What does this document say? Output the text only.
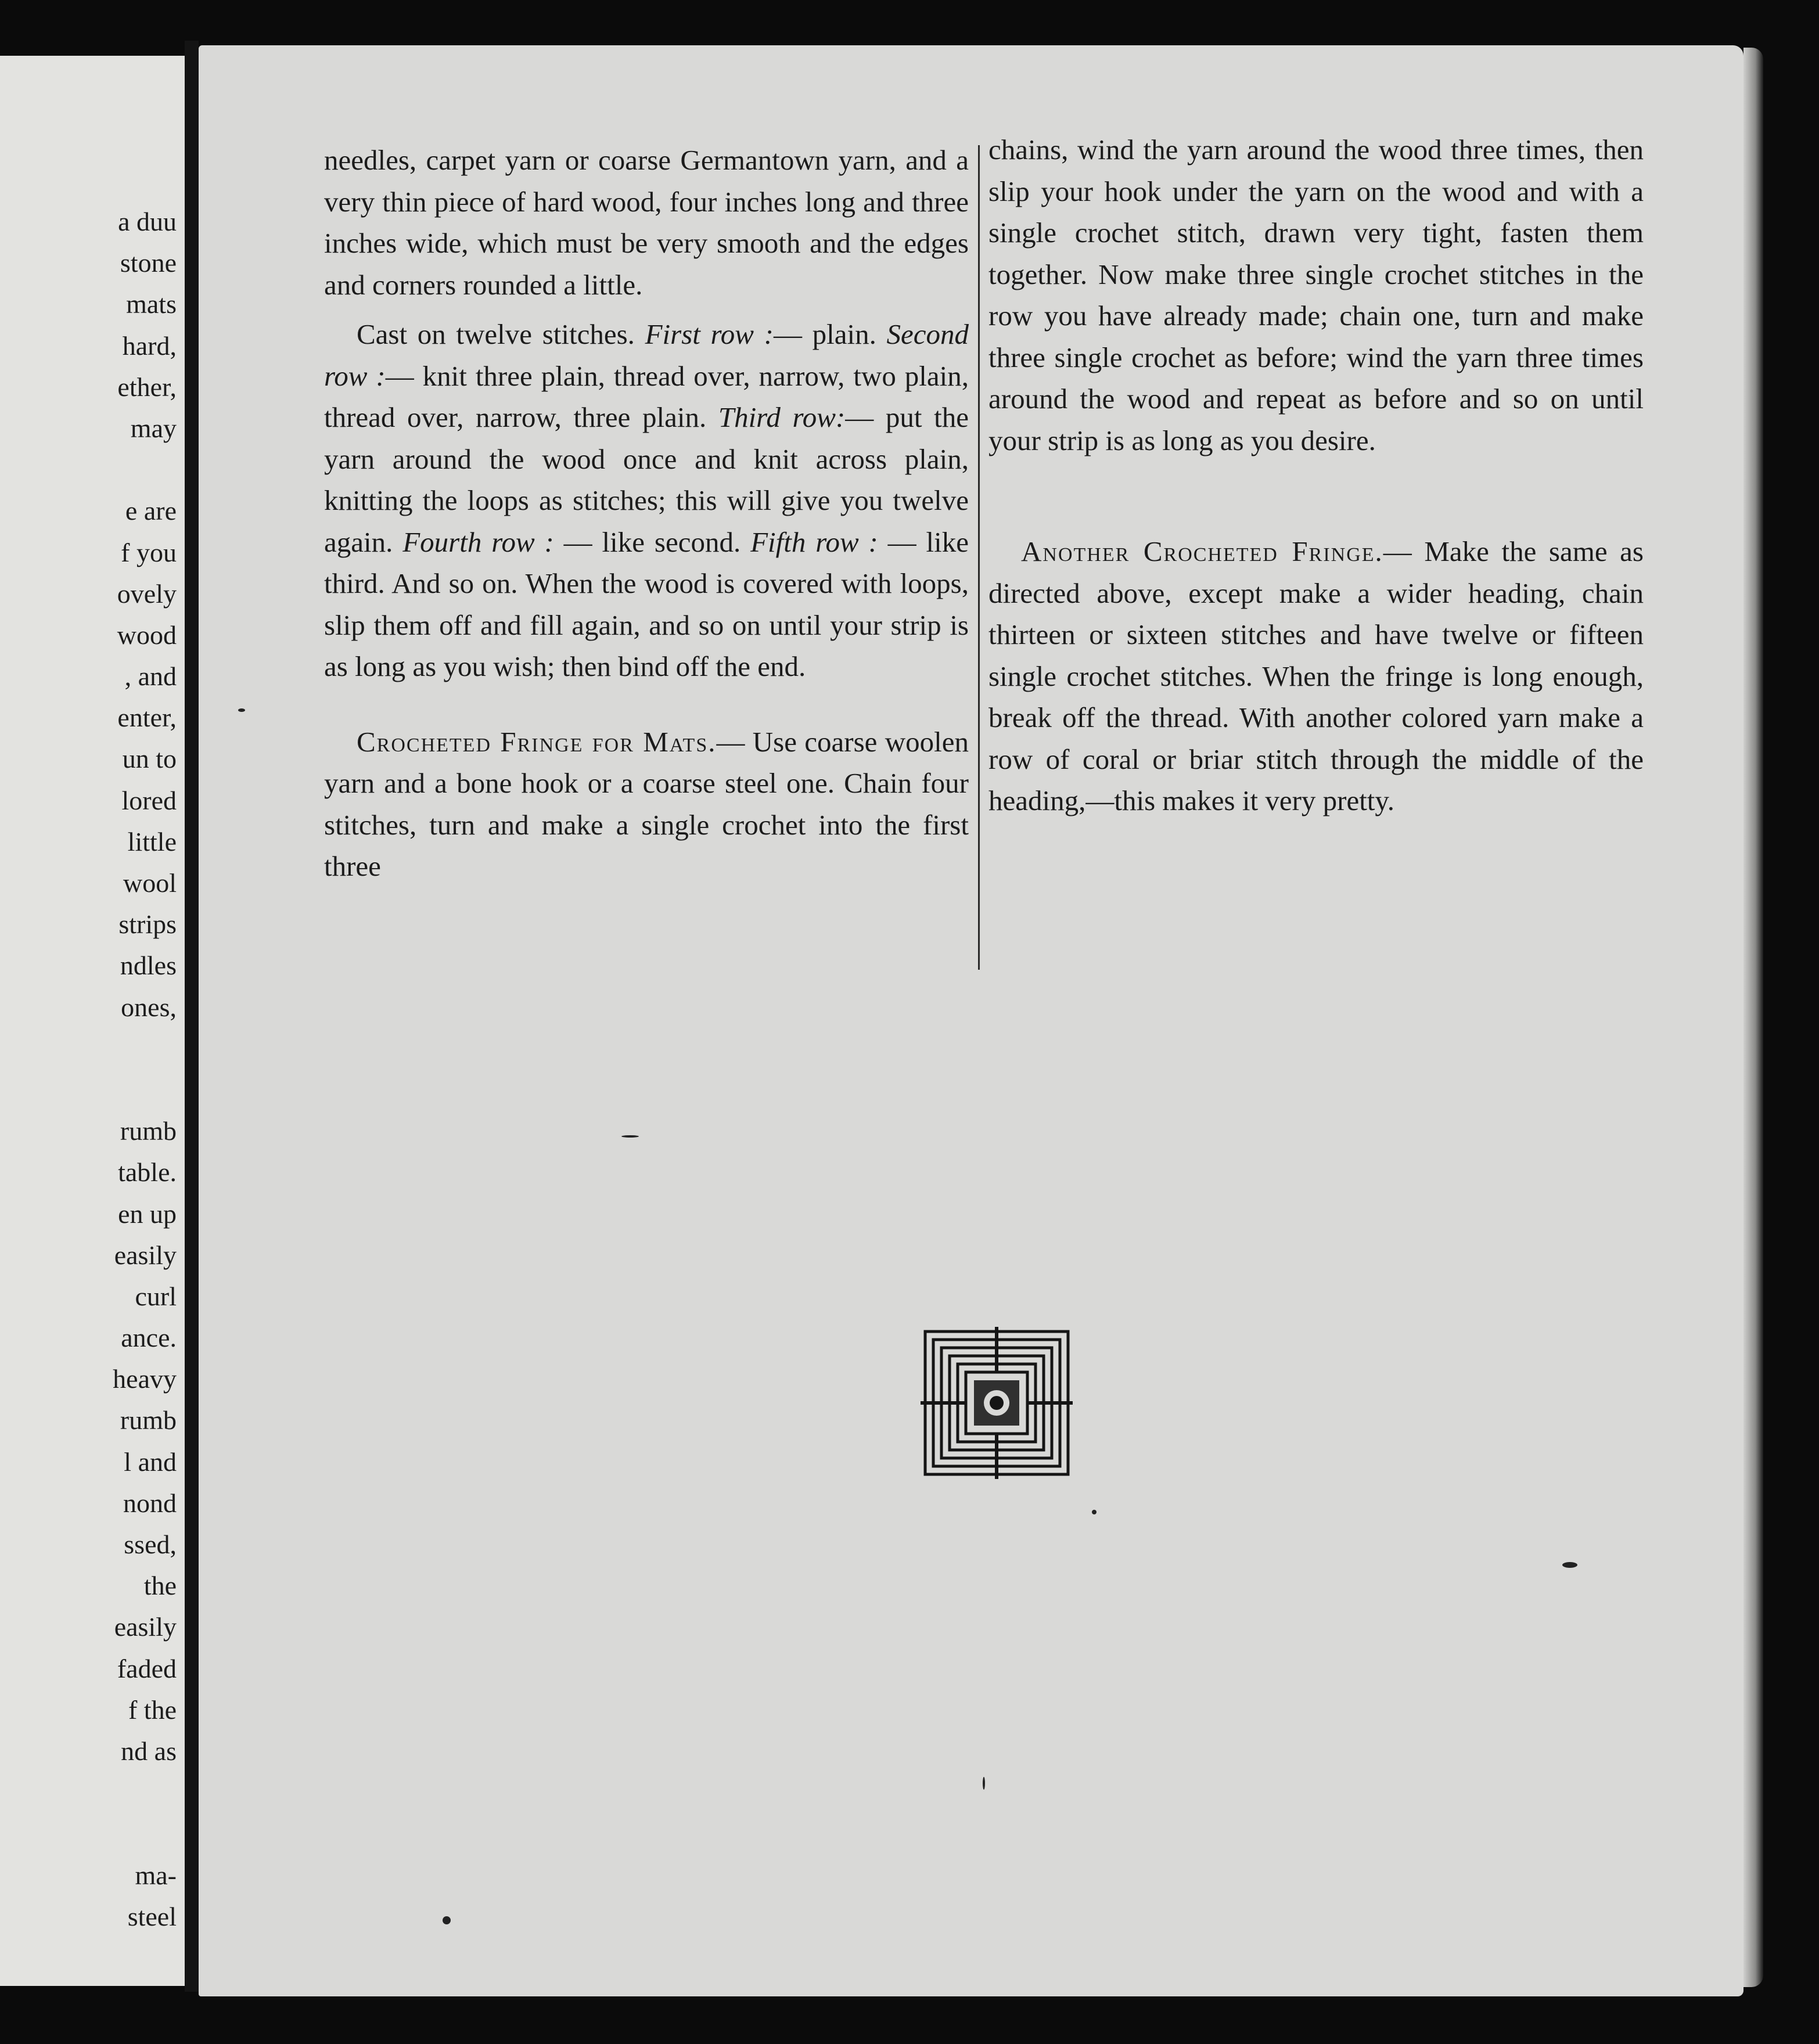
a duu
stone
mats
hard,
ether,
may
e are
f you
ovely
wood
, and
enter,
un to
lored
little
wool
strips
ndles
ones,
rumb
table.
en up
easily
curl
ance.
heavy
rumb
l and
nond
ssed,
the
easily
faded
f the
nd as
ma-
steel

needles, carpet yarn or coarse Germantown yarn, and a very thin piece of hard wood, four inches long and three inches wide, which must be very smooth and the edges and corners rounded a little.

Cast on twelve stitches. First row :— plain. Second row :— knit three plain, thread over, narrow, two plain, thread over, narrow, three plain. Third row:— put the yarn around the wood once and knit across plain, knitting the loops as stitches; this will give you twelve again. Fourth row : — like second. Fifth row : — like third. And so on. When the wood is covered with loops, slip them off and fill again, and so on until your strip is as long as you wish; then bind off the end.

Crocheted Fringe for Mats.— Use coarse woolen yarn and a bone hook or a coarse steel one. Chain four stitches, turn and make a single crochet into the first three

chains, wind the yarn around the wood three times, then slip your hook under the yarn on the wood and with a single crochet stitch, drawn very tight, fasten them together. Now make three single crochet stitches in the row you have already made; chain one, turn and make three single crochet as before; wind the yarn three times around the wood and repeat as before and so on until your strip is as long as you desire.

Another Crocheted Fringe.— Make the same as directed above, except make a wider heading, chain thirteen or sixteen stitches and have twelve or fifteen single crochet stitches. When the fringe is long enough, break off the thread. With another colored yarn make a row of coral or briar stitch through the middle of the heading,—this makes it very pretty.
